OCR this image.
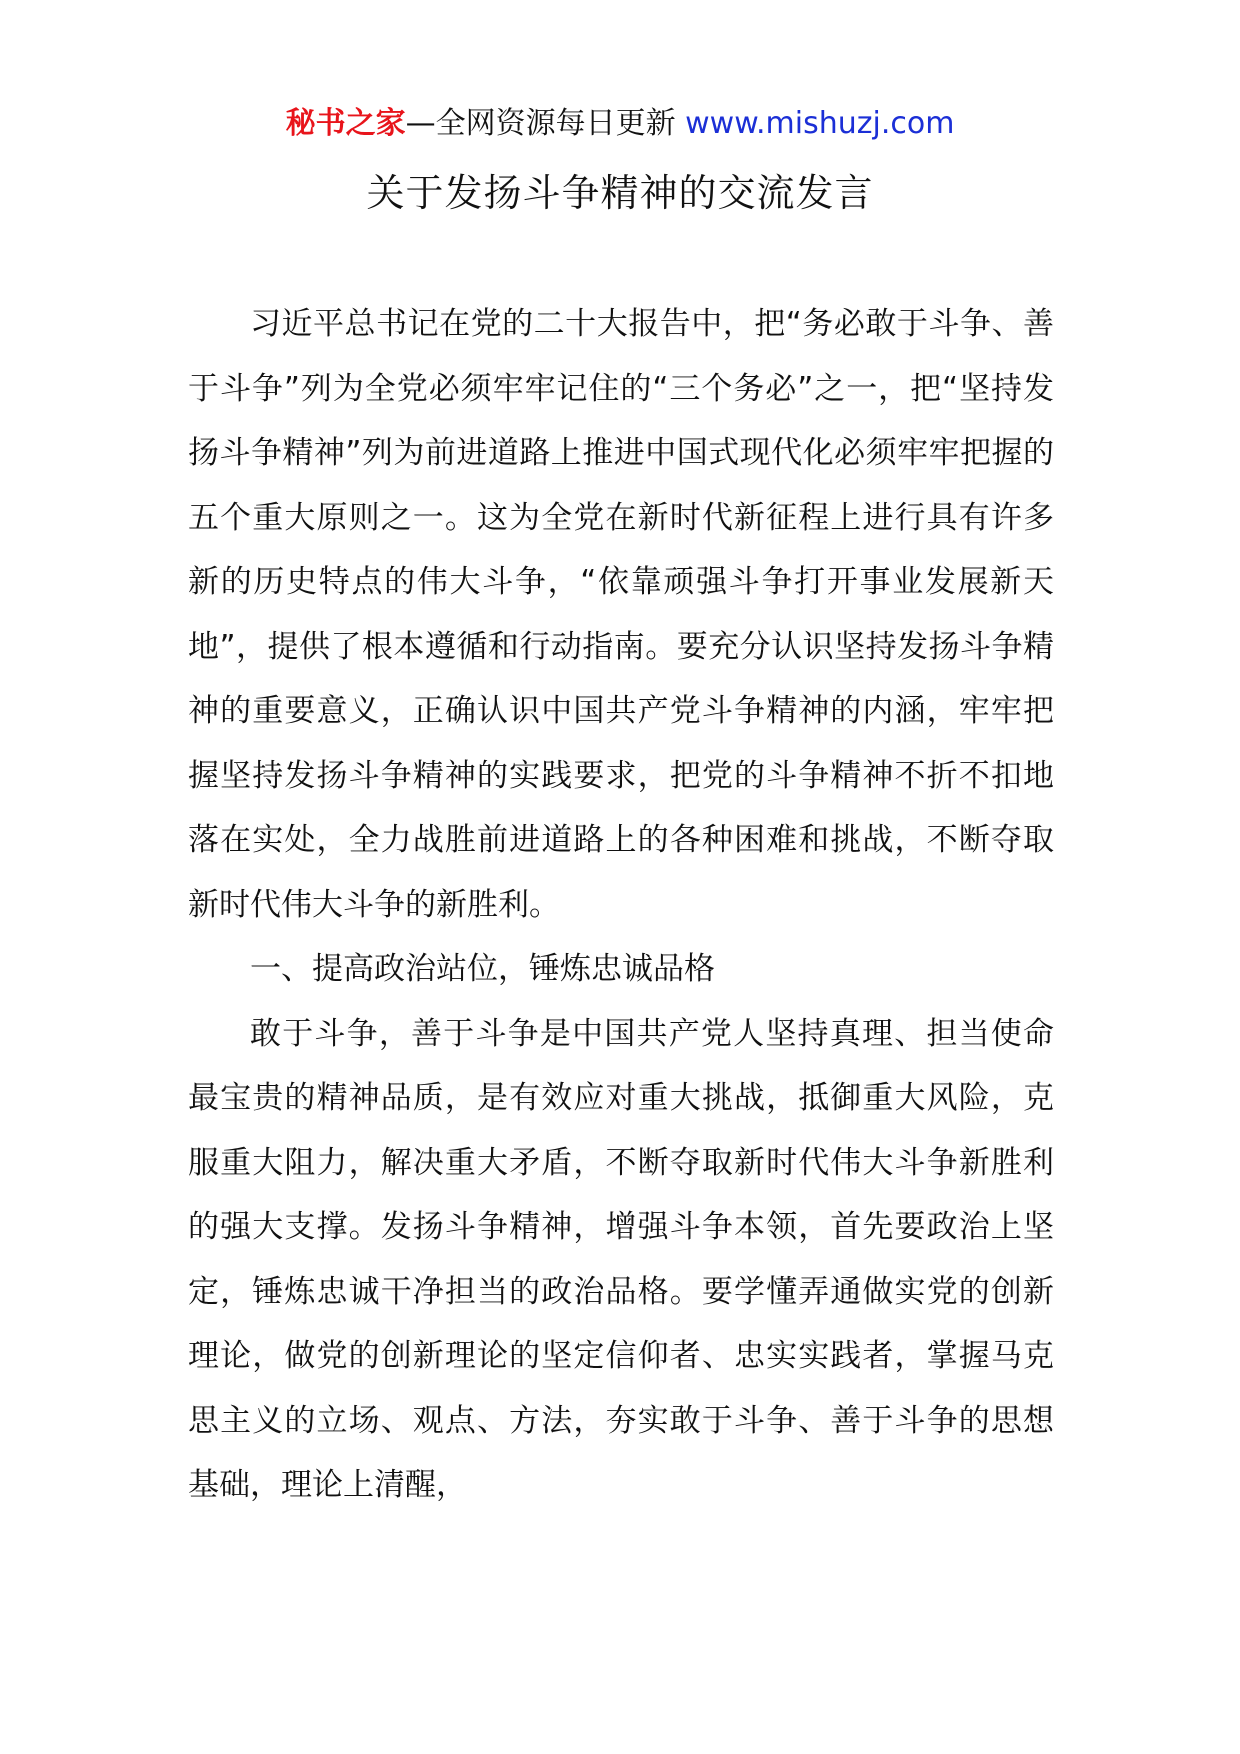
秘书之家—全网资源每日更新 www.mishuzj.com
关于发扬斗争精神的交流发言

习近平总书记在党的二十大报告中，把“务必敢于斗争、善于斗争”列为全党必须牢牢记住的“三个务必”之一，把“坚持发扬斗争精神”列为前进道路上推进中国式现代化必须牢牢把握的五个重大原则之一。这为全党在新时代新征程上进行具有许多新的历史特点的伟大斗争，“依靠顽强斗争打开事业发展新天地”，提供了根本遵循和行动指南。要充分认识坚持发扬斗争精神的重要意义，正确认识中国共产党斗争精神的内涵，牢牢把握坚持发扬斗争精神的实践要求，把党的斗争精神不折不扣地落在实处，全力战胜前进道路上的各种困难和挑战，不断夺取新时代伟大斗争的新胜利。

一、提高政治站位，锤炼忠诚品格

敢于斗争，善于斗争是中国共产党人坚持真理、担当使命最宝贵的精神品质，是有效应对重大挑战，抵御重大风险，克服重大阻力，解决重大矛盾，不断夺取新时代伟大斗争新胜利的强大支撑。发扬斗争精神，增强斗争本领，首先要政治上坚定，锤炼忠诚干净担当的政治品格。要学懂弄通做实党的创新理论，做党的创新理论的坚定信仰者、忠实实践者，掌握马克思主义的立场、观点、方法，夯实敢于斗争、善于斗争的思想基础，理论上清醒，
